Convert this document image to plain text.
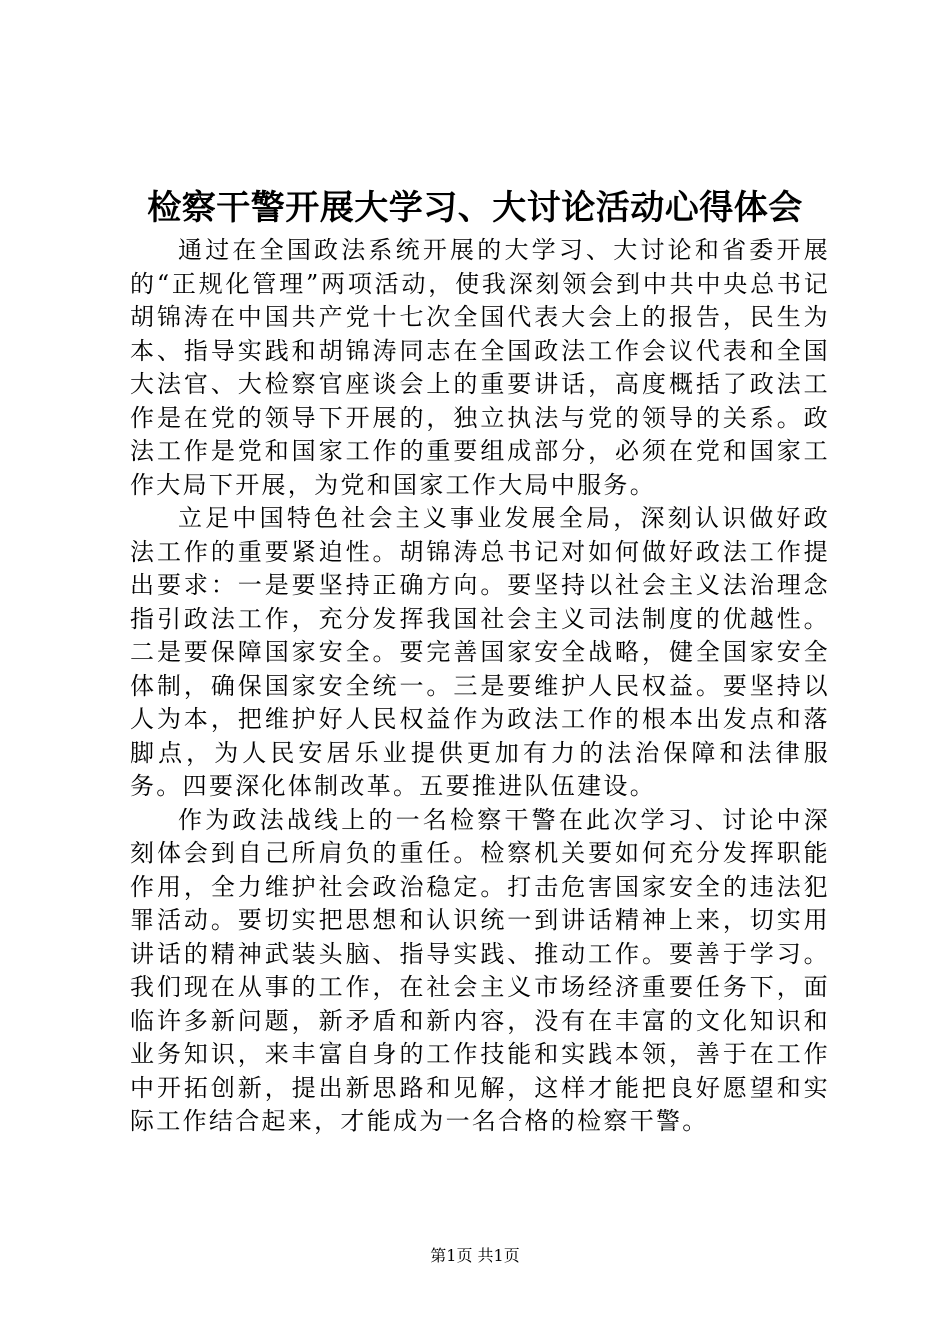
检察干警开展大学习、大讨论活动心得体会

通过在全国政法系统开展的大学习、大讨论和省委开展的“正规化管理”两项活动，使我深刻领会到中共中央总书记胡锦涛在中国共产党十七次全国代表大会上的报告，民生为本、指导实践和胡锦涛同志在全国政法工作会议代表和全国大法官、大检察官座谈会上的重要讲话，高度概括了政法工作是在党的领导下开展的，独立执法与党的领导的关系。政法工作是党和国家工作的重要组成部分，必须在党和国家工作大局下开展，为党和国家工作大局中服务。

立足中国特色社会主义事业发展全局，深刻认识做好政法工作的重要紧迫性。胡锦涛总书记对如何做好政法工作提出要求：一是要坚持正确方向。要坚持以社会主义法治理念指引政法工作，充分发挥我国社会主义司法制度的优越性。二是要保障国家安全。要完善国家安全战略，健全国家安全体制，确保国家安全统一。三是要维护人民权益。要坚持以人为本，把维护好人民权益作为政法工作的根本出发点和落脚点，为人民安居乐业提供更加有力的法治保障和法律服务。四要深化体制改革。五要推进队伍建设。

作为政法战线上的一名检察干警在此次学习、讨论中深刻体会到自己所肩负的重任。检察机关要如何充分发挥职能作用，全力维护社会政治稳定。打击危害国家安全的违法犯罪活动。要切实把思想和认识统一到讲话精神上来，切实用讲话的精神武装头脑、指导实践、推动工作。要善于学习。我们现在从事的工作，在社会主义市场经济重要任务下，面临许多新问题，新矛盾和新内容，没有在丰富的文化知识和业务知识，来丰富自身的工作技能和实践本领，善于在工作中开拓创新，提出新思路和见解，这样才能把良好愿望和实际工作结合起来，才能成为一名合格的检察干警。

第1页 共1页
